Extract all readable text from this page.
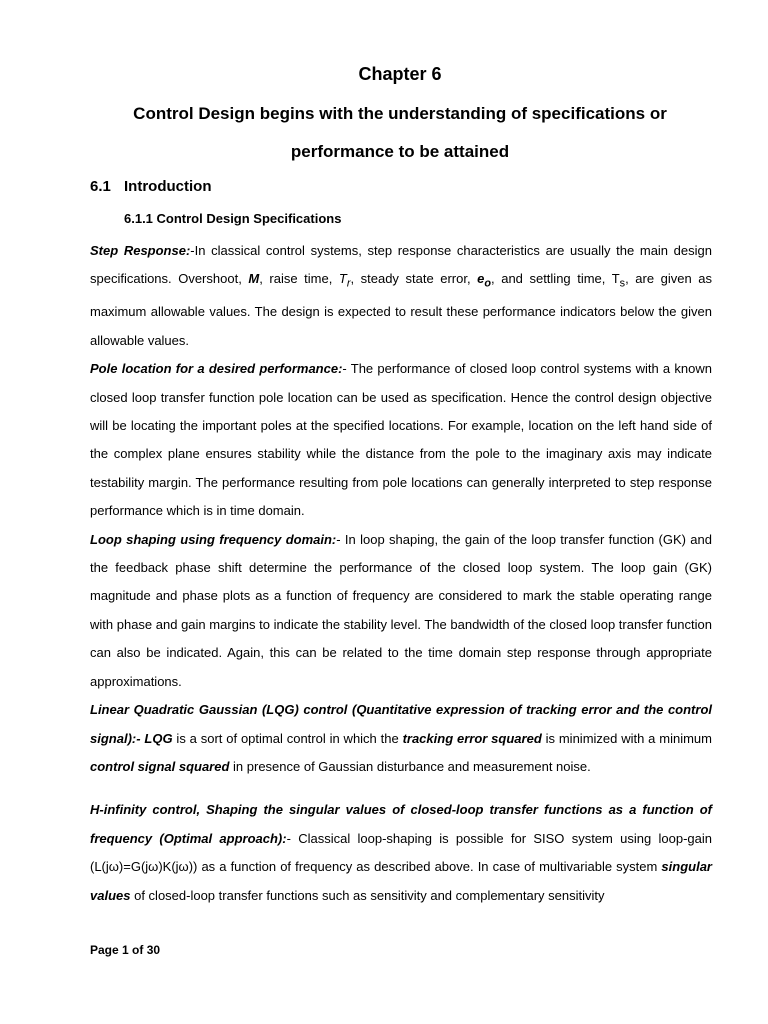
Chapter 6
Control Design begins with the understanding of specifications or
performance to be attained
6.1 Introduction
6.1.1 Control Design Specifications

Step Response:-In classical control systems, step response characteristics are usually the main design specifications. Overshoot, M, raise time, $T_r$, steady state error, $e_o$, and settling time, $T_s$, are given as maximum allowable values. The design is expected to result these performance indicators below the given allowable values.

Pole location for a desired performance:- The performance of closed loop control systems with a known closed loop transfer function pole location can be used as specification. Hence the control design objective will be locating the important poles at the specified locations. For example, location on the left hand side of the complex plane ensures stability while the distance from the pole to the imaginary axis may indicate testability margin. The performance resulting from pole locations can generally interpreted to step response performance which is in time domain.

Loop shaping using frequency domain:- In loop shaping, the gain of the loop transfer function (GK) and the feedback phase shift determine the performance of the closed loop system. The loop gain (GK) magnitude and phase plots as a function of frequency are considered to mark the stable operating range with phase and gain margins to indicate the stability level. The bandwidth of the closed loop transfer function can also be indicated. Again, this can be related to the time domain step response through appropriate approximations.

Linear Quadratic Gaussian (LQG) control (Quantitative expression of tracking error and the control signal):- LQG is a sort of optimal control in which the tracking error squared is minimized with a minimum control signal squared in presence of Gaussian disturbance and measurement noise.

H-infinity control, Shaping the singular values of closed-loop transfer functions as a function of frequency (Optimal approach):- Classical loop-shaping is possible for SISO system using loop-gain (L(jω)=G(jω)K(jω)) as a function of frequency as described above. In case of multivariable system singular values of closed-loop transfer functions such as sensitivity and complementary sensitivity

Page 1 of 30
